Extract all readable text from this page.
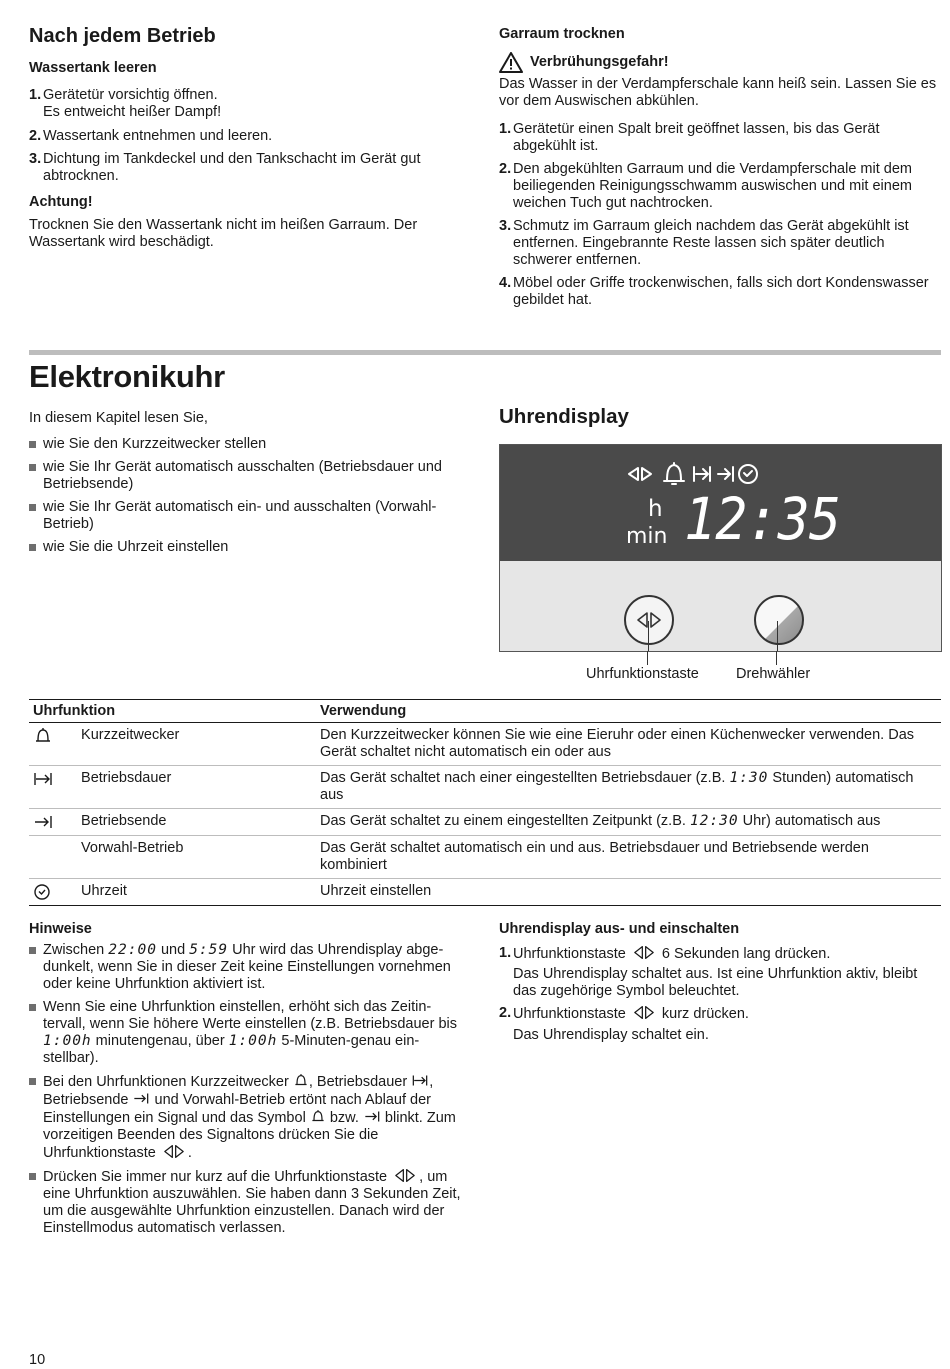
Nach jedem Betrieb
Wassertank leeren
1. Gerätetür vorsichtig öffnen.
Es entweicht heißer Dampf!
2. Wassertank entnehmen und leeren.
3. Dichtung im Tankdeckel und den Tankschacht im Gerät gut abtrocknen.
Achtung!

Trocknen Sie den Wassertank nicht im heißen Garraum. Der Wassertank wird beschädigt.

Garraum trocknen
Verbrühungsgefahr!

Das Wasser in der Verdampferschale kann heiß sein. Lassen Sie es vor dem Auswischen abkühlen.

1. Gerätetür einen Spalt breit geöffnet lassen, bis das Gerät abgekühlt ist.
2. Den abgekühlten Garraum und die Verdampferschale mit dem beiliegenden Reinigungsschwamm auswischen und mit einem weichen Tuch gut nachtrocken.
3. Schmutz im Garraum gleich nachdem das Gerät abgekühlt ist entfernen. Eingebrannte Reste lassen sich später deutlich schwerer entfernen.
4. Möbel oder Griffe trockenwischen, falls sich dort Kondenswasser gebildet hat.
Elektronikuhr

In diesem Kapitel lesen Sie,

wie Sie den Kurzzeitwecker stellen
wie Sie Ihr Gerät automatisch ausschalten (Betriebsdauer und Betriebsende)
wie Sie Ihr Gerät automatisch ein- und ausschalten (Vorwahl-Betrieb)
wie Sie die Uhrzeit einstellen
Uhrendisplay
h
min 12:35
Uhrfunktionstaste	Drehwähler
Uhrfunktion	Verwendung
Kurzzeitwecker	Den Kurzzeitwecker können Sie wie eine Eieruhr oder einen Küchenwecker verwenden. Das Gerät schaltet nicht automatisch ein oder aus
Betriebsdauer	Das Gerät schaltet nach einer eingestellten Betriebsdauer (z.B. 1:30 Stunden) automatisch aus
Betriebsende	Das Gerät schaltet zu einem eingestellten Zeitpunkt (z.B. 12:30 Uhr) automatisch aus
Vorwahl-Betrieb	Das Gerät schaltet automatisch ein und aus. Betriebsdauer und Betriebsende werden kombiniert
Uhrzeit	Uhrzeit einstellen
Hinweise
Zwischen 22:00 und 5:59 Uhr wird das Uhrendisplay abgedunkelt, wenn Sie in dieser Zeit keine Einstellungen vornehmen oder keine Uhrfunktion aktiviert ist.
Wenn Sie eine Uhrfunktion einstellen, erhöht sich das Zeitintervall, wenn Sie höhere Werte einstellen (z.B. Betriebsdauer bis 1:00h minutengenau, über 1:00h 5-Minuten-genau einstellbar).
Bei den Uhrfunktionen Kurzzeitwecker , Betriebsdauer , Betriebsende  und Vorwahl-Betrieb ertönt nach Ablauf der Einstellungen ein Signal und das Symbol  bzw.  blinkt. Zum vorzeitigen Beenden des Signaltons drücken Sie die Uhrfunktionstaste .
Drücken Sie immer nur kurz auf die Uhrfunktionstaste , um eine Uhrfunktion auszuwählen. Sie haben dann 3 Sekunden Zeit, um die ausgewählte Uhrfunktion einzustellen. Danach wird der Einstellmodus automatisch verlassen.
Uhrendisplay aus- und einschalten
1. Uhrfunktionstaste  6 Sekunden lang drücken.
Das Uhrendisplay schaltet aus. Ist eine Uhrfunktion aktiv, bleibt das zugehörige Symbol beleuchtet.
2. Uhrfunktionstaste  kurz drücken.
Das Uhrendisplay schaltet ein.
10
